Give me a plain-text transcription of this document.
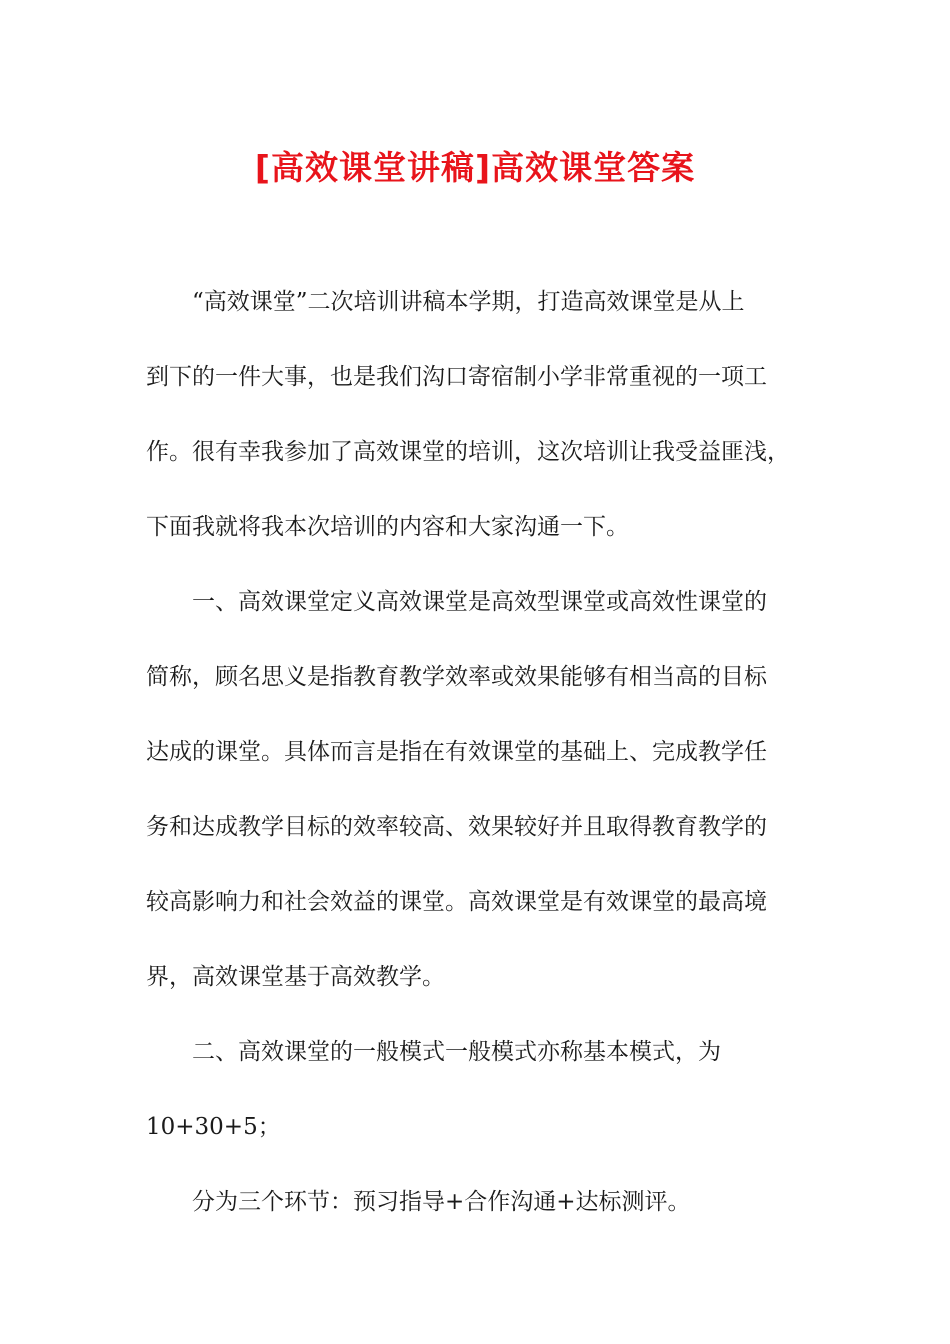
[高效课堂讲稿]高效课堂答案
“高效课堂”二次培训讲稿本学期，打造高效课堂是从上
到下的一件大事，也是我们沟口寄宿制小学非常重视的一项工
作。很有幸我参加了高效课堂的培训，这次培训让我受益匪浅，
下面我就将我本次培训的内容和大家沟通一下。
一、高效课堂定义高效课堂是高效型课堂或高效性课堂的
简称，顾名思义是指教育教学效率或效果能够有相当高的目标
达成的课堂。具体而言是指在有效课堂的基础上、完成教学任
务和达成教学目标的效率较高、效果较好并且取得教育教学的
较高影响力和社会效益的课堂。高效课堂是有效课堂的最高境
界，高效课堂基于高效教学。
二、高效课堂的一般模式一般模式亦称基本模式，为
10+30+5；
分为三个环节：预习指导+合作沟通+达标测评。
